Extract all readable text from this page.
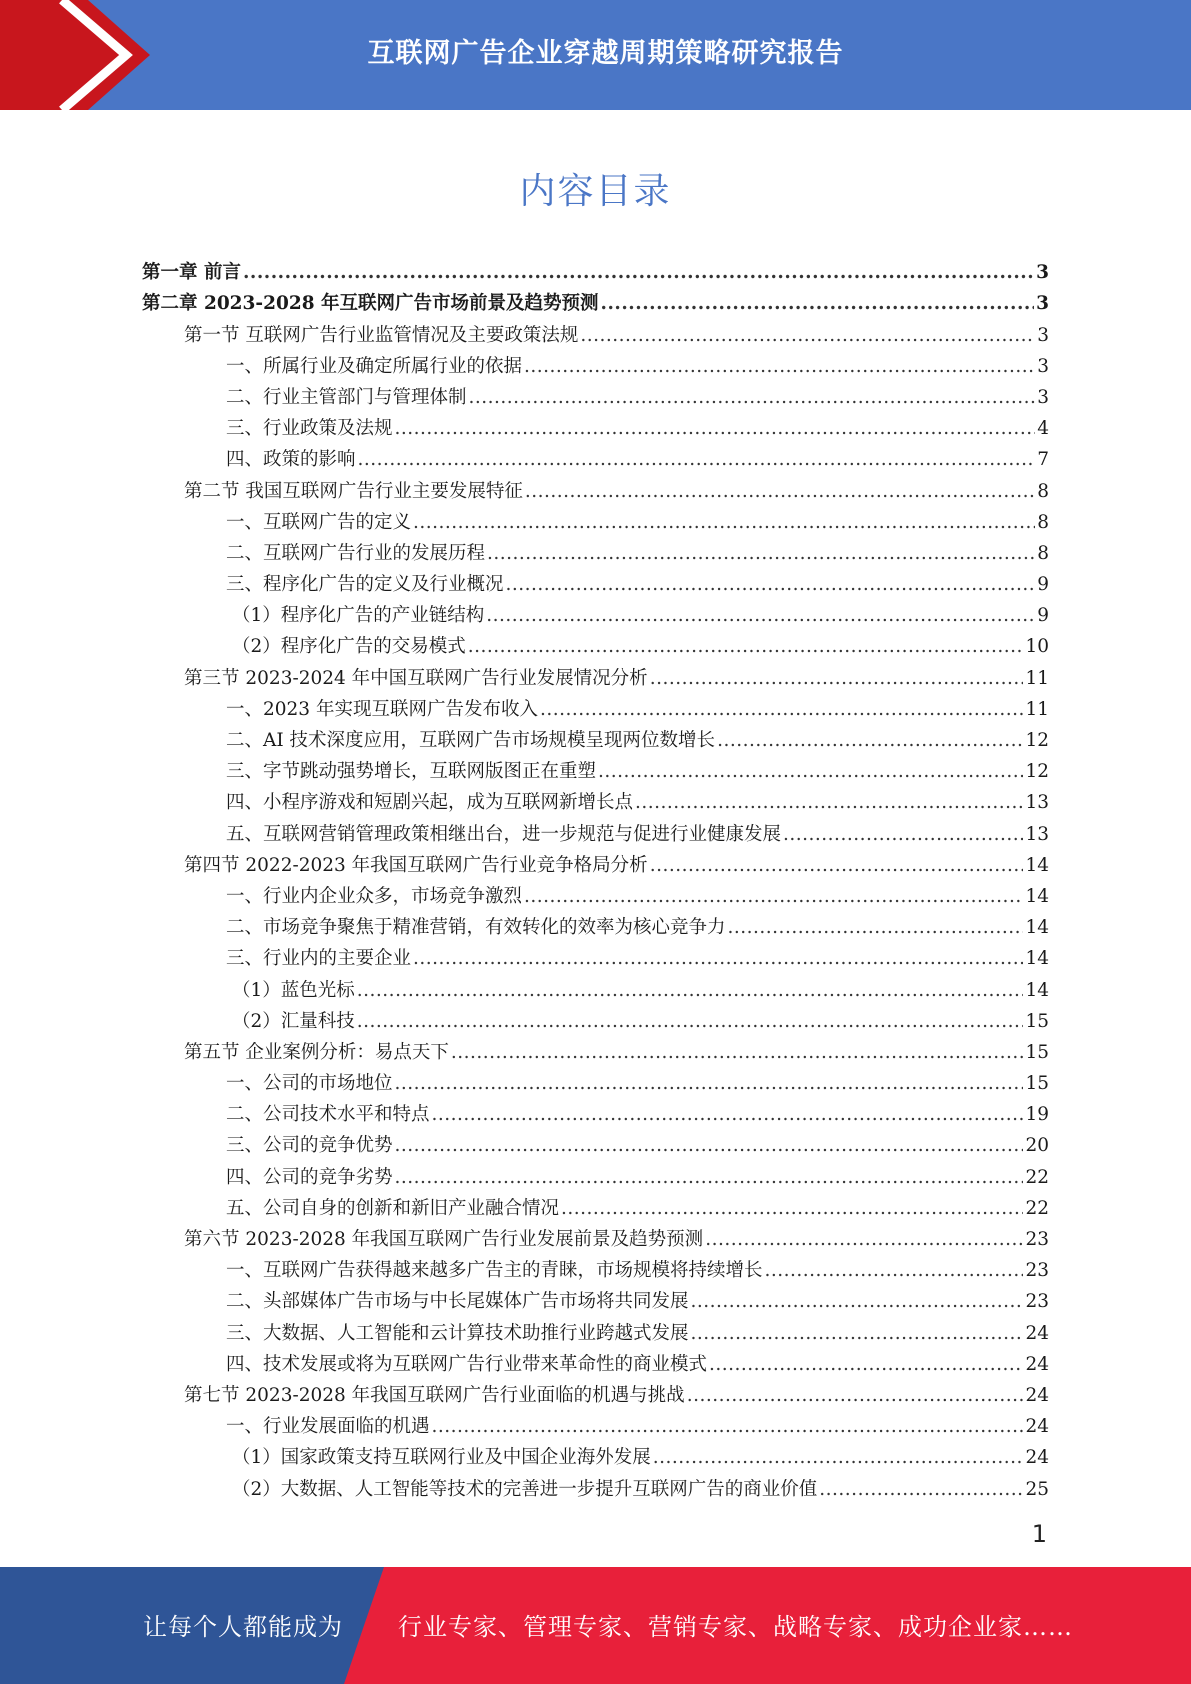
互联网广告企业穿越周期策略研究报告
内容目录
第一章 前言 .....	3
第二章 2023-2028 年互联网广告市场前景及趋势预测 .....	3
第一节 互联网广告行业监管情况及主要政策法规 .....	3
一、所属行业及确定所属行业的依据 .....	3
二、行业主管部门与管理体制 .....	3
三、行业政策及法规 .....	4
四、政策的影响 .....	7
第二节 我国互联网广告行业主要发展特征 .....	8
一、互联网广告的定义 .....	8
二、互联网广告行业的发展历程 .....	8
三、程序化广告的定义及行业概况 .....	9
（1）程序化广告的产业链结构 .....	9
（2）程序化广告的交易模式 .....	10
第三节 2023-2024 年中国互联网广告行业发展情况分析 .....	11
一、2023 年实现互联网广告发布收入 .....	11
二、AI 技术深度应用，互联网广告市场规模呈现两位数增长 .....	12
三、字节跳动强势增长，互联网版图正在重塑 .....	12
四、小程序游戏和短剧兴起，成为互联网新增长点 .....	13
五、互联网营销管理政策相继出台，进一步规范与促进行业健康发展 .....	13
第四节 2022-2023 年我国互联网广告行业竞争格局分析 .....	14
一、行业内企业众多，市场竞争激烈 .....	14
二、市场竞争聚焦于精准营销，有效转化的效率为核心竞争力 .....	14
三、行业内的主要企业 .....	14
（1）蓝色光标 .....	14
（2）汇量科技 .....	15
第五节 企业案例分析：易点天下 .....	15
一、公司的市场地位 .....	15
二、公司技术水平和特点 .....	19
三、公司的竞争优势 .....	20
四、公司的竞争劣势 .....	22
五、公司自身的创新和新旧产业融合情况 .....	22
第六节 2023-2028 年我国互联网广告行业发展前景及趋势预测 .....	23
一、互联网广告获得越来越多广告主的青睐，市场规模将持续增长 .....	23
二、头部媒体广告市场与中长尾媒体广告市场将共同发展 .....	23
三、大数据、人工智能和云计算技术助推行业跨越式发展 .....	24
四、技术发展或将为互联网广告行业带来革命性的商业模式 .....	24
第七节 2023-2028 年我国互联网广告行业面临的机遇与挑战 .....	24
一、行业发展面临的机遇 .....	24
（1）国家政策支持互联网行业及中国企业海外发展 .....	24
（2）大数据、人工智能等技术的完善进一步提升互联网广告的商业价值 .....	25
1
让每个人都能成为 行业专家、管理专家、营销专家、战略专家、成功企业家……
